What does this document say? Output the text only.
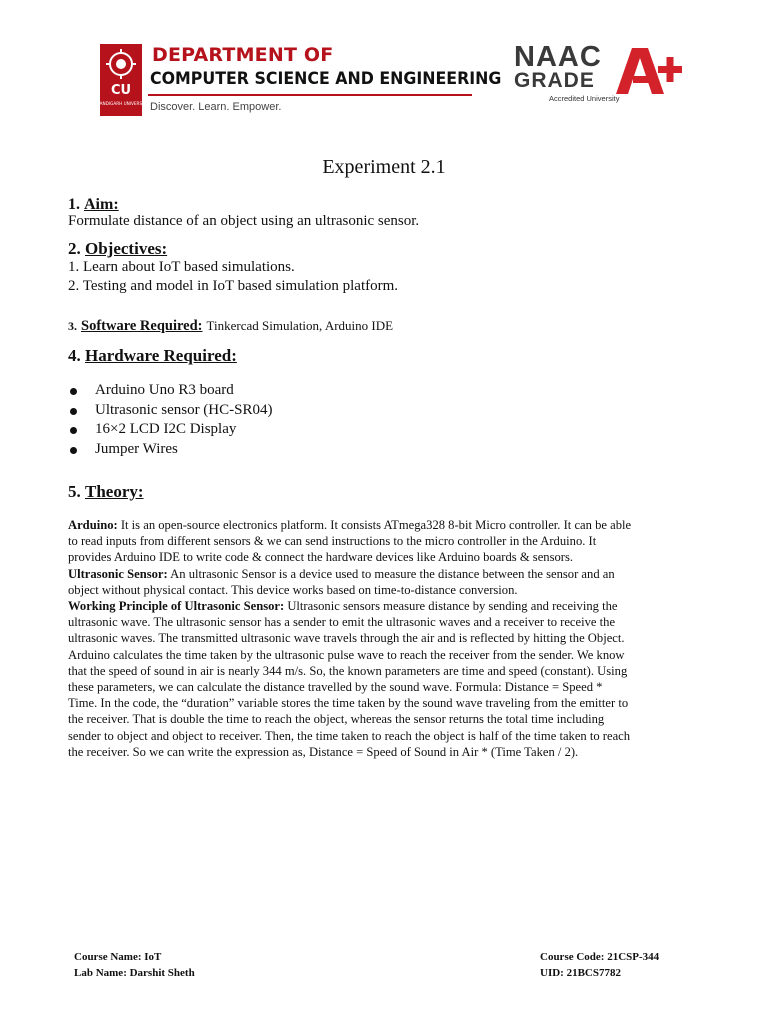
CU
CHANDIGARH UNIVERSITY
DEPARTMENT OF
COMPUTER SCIENCE AND ENGINEERING
Discover. Learn. Empower.
NAAC
GRADE
Accredited University
Experiment 2.1
1. Aim:
Formulate distance of an object using an ultrasonic sensor.
2. Objectives:
1. Learn about IoT based simulations.
2. Testing and model in IoT based simulation platform.
3. Software Required: Tinkercad Simulation, Arduino IDE
4. Hardware Required:
Arduino Uno R3 board
Ultrasonic sensor (HC-SR04)
16×2 LCD I2C Display
Jumper Wires
5. Theory:

Arduino: It is an open-source electronics platform. It consists ATmega328 8-bit Micro controller. It can be able to read inputs from different sensors & we can send instructions to the micro controller in the Arduino. It provides Arduino IDE to write code & connect the hardware devices like Arduino boards & sensors.

Ultrasonic Sensor: An ultrasonic Sensor is a device used to measure the distance between the sensor and an object without physical contact. This device works based on time-to-distance conversion.

Working Principle of Ultrasonic Sensor: Ultrasonic sensors measure distance by sending and receiving the ultrasonic wave. The ultrasonic sensor has a sender to emit the ultrasonic waves and a receiver to receive the ultrasonic waves. The transmitted ultrasonic wave travels through the air and is reflected by hitting the Object. Arduino calculates the time taken by the ultrasonic pulse wave to reach the receiver from the sender. We know that the speed of sound in air is nearly 344 m/s. So, the known parameters are time and speed (constant). Using these parameters, we can calculate the distance travelled by the sound wave. Formula: Distance = Speed * Time. In the code, the “duration” variable stores the time taken by the sound wave traveling from the emitter to the receiver. That is double the time to reach the object, whereas the sensor returns the total time including sender to object and object to receiver. Then, the time taken to reach the object is half of the time taken to reach the receiver. So we can write the expression as, Distance = Speed of Sound in Air * (Time Taken / 2).

Course Name: IoT
Lab Name: Darshit Sheth
Course Code: 21CSP-344
UID: 21BCS7782
